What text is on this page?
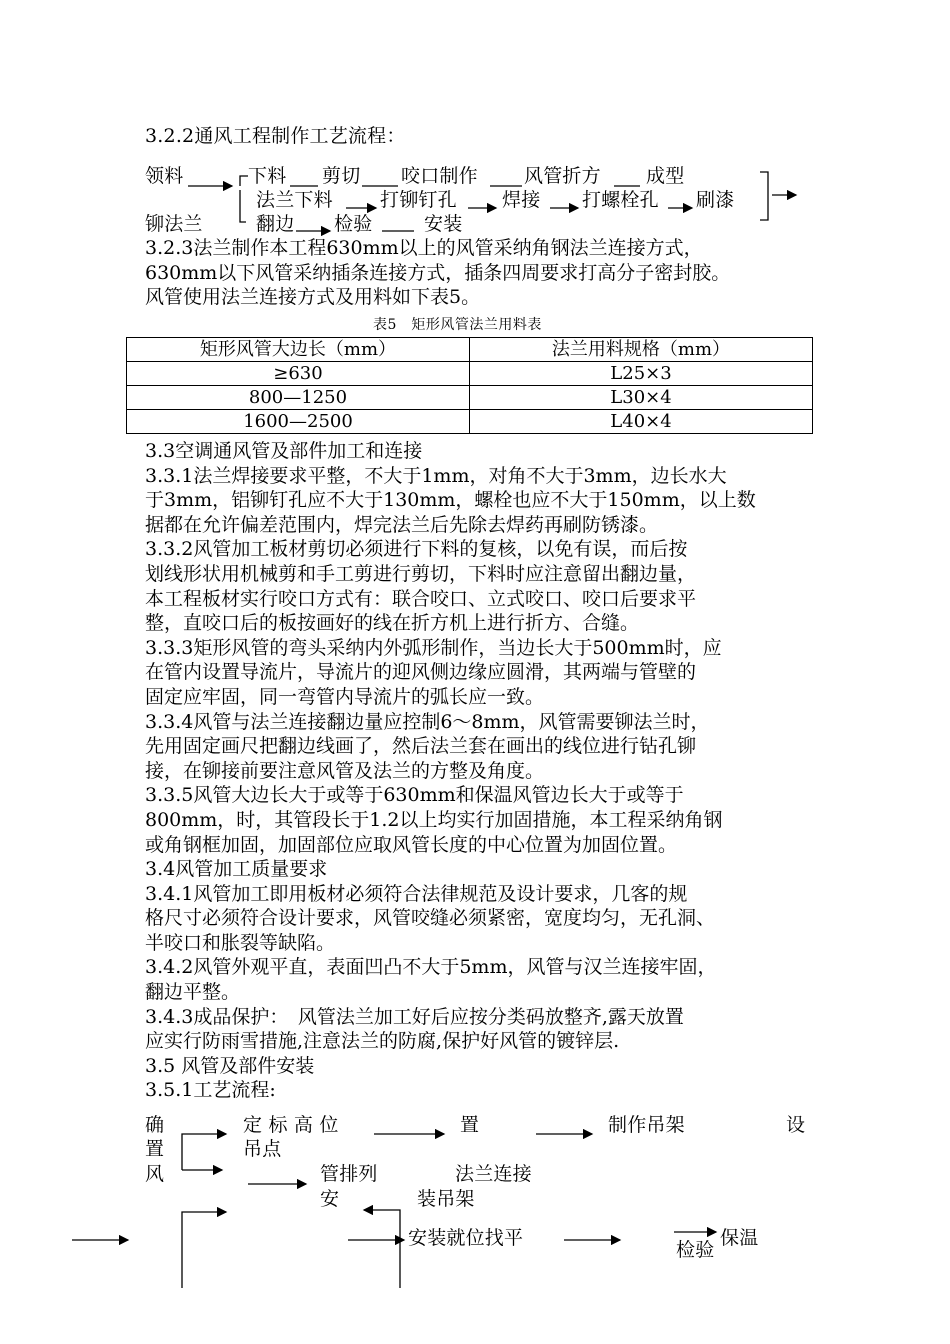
3.2.2通风工程制作工艺流程：
领料	下料 剪切 咬口制作 风管折方 成型
法兰下料 打铆钉孔 焊接 打螺栓孔 刷漆
铆法兰	翻边 检验	安装
3.2.3法兰制作本工程630mm以上的风管采纳角钢法兰连接方式，
630mm以下风管采纳插条连接方式，插条四周要求打高分子密封胶。
风管使用法兰连接方式及用料如下表5。
表5　矩形风管法兰用料表
矩形风管大边长（mm）	法兰用料规格（mm）
≥630	L25×3
800—1250	L30×4
1600—2500	L40×4
3.3空调通风管及部件加工和连接
3.3.1法兰焊接要求平整，不大于1mm，对角不大于3mm，边长水大
于3mm，铝铆钉孔应不大于130mm，螺栓也应不大于150mm，以上数
据都在允许偏差范围内，焊完法兰后先除去焊药再刷防锈漆。
3.3.2风管加工板材剪切必须进行下料的复核，以免有误，而后按
划线形状用机械剪和手工剪进行剪切，下料时应注意留出翻边量，
本工程板材实行咬口方式有：联合咬口、立式咬口、咬口后要求平
整，直咬口后的板按画好的线在折方机上进行折方、合缝。
3.3.3矩形风管的弯头采纳内外弧形制作，当边长大于500mm时，应
在管内设置导流片，导流片的迎风侧边缘应圆滑，其两端与管壁的
固定应牢固，同一弯管内导流片的弧长应一致。
3.3.4风管与法兰连接翻边量应控制6～8mm，风管需要铆法兰时，
先用固定画尺把翻边线画了，然后法兰套在画出的线位进行钻孔铆
接，在铆接前要注意风管及法兰的方整及角度。
3.3.5风管大边长大于或等于630mm和保温风管边长大于或等于
800mm，时，其管段长于1.2以上均实行加固措施，本工程采纳角钢
或角钢框加固，加固部位应取风管长度的中心位置为加固位置。
3.4风管加工质量要求
3.4.1风管加工即用板材必须符合法律规范及设计要求，几客的规
格尺寸必须符合设计要求，风管咬缝必须紧密，宽度均匀，无孔洞、
半咬口和胀裂等缺陷。
3.4.2风管外观平直，表面凹凸不大于5mm，风管与汉兰连接牢固，
翻边平整。
3.4.3成品保护：　风管法兰加工好后应按分类码放整齐,露天放置
应实行防雨雪措施,注意法兰的防腐,保护好风管的镀锌层.
3.5 风管及部件安装
3.5.1工艺流程:
确	定 标 高 位	置	制作吊架	设
置	吊点
风	管排列	法兰连接
安	装吊架
安装就位找平	保温
检验
